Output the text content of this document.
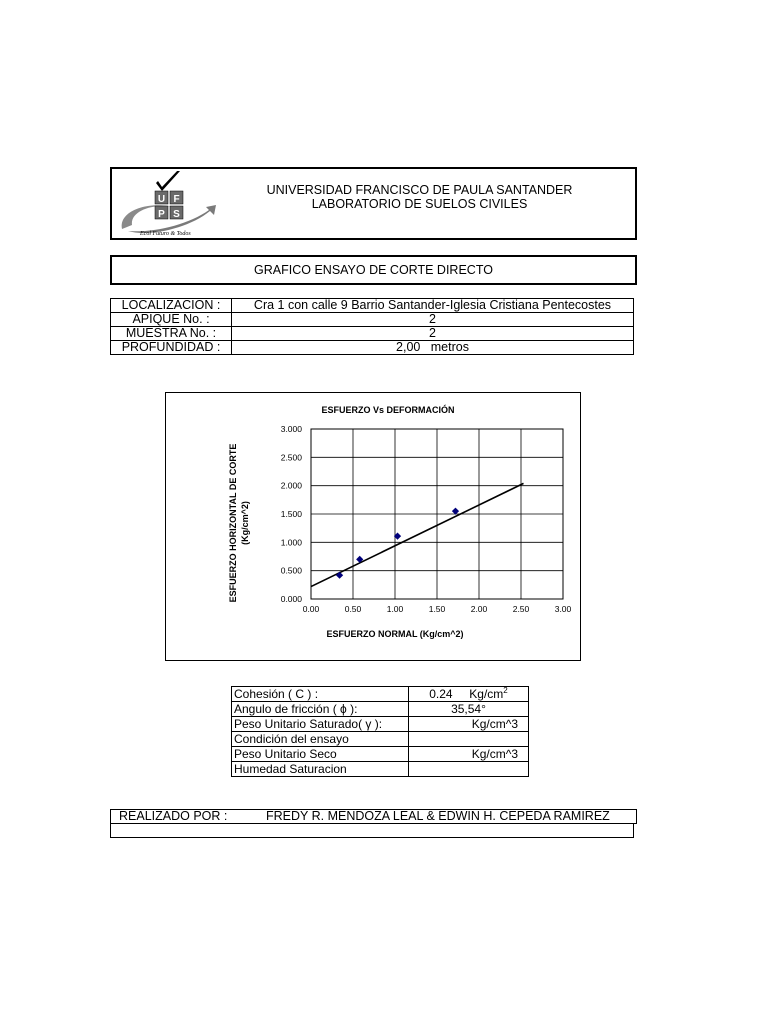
U F
P S
Ecol Futuro & Todos
UNIVERSIDAD FRANCISCO DE PAULA SANTANDER
LABORATORIO DE SUELOS CIVILES
GRAFICO ENSAYO DE CORTE DIRECTO
LOCALIZACION :	Cra 1 con calle 9 Barrio Santander-Iglesia Cristiana Pentecostes
APIQUE No. :	2
MUESTRA No. :	2
PROFUNDIDAD :	2,00   metros
ESFUERZO Vs DEFORMACIÓN
0.00	0.50	1.00	1.50	2.00	2.50	3.00
0.000
0.500
1.000
1.500
2.000
2.500
3.000
ESFUERZO NORMAL (Kg/cm^2)
ESFUERZO HORIZONTAL DE CORTE (Kg/cm^2)
Cohesión ( C ) :	0.24 $Kg/cm^2$
Angulo de fricción ( ϕ ):	35,54°
Peso Unitario Saturado( γ ):	Kg/cm^3
Condición del ensayo	
Peso Unitario Seco	Kg/cm^3
Humedad Saturacion	
REALIZADO POR :	FREDY R. MENDOZA LEAL & EDWIN H. CEPEDA RAMIREZ
